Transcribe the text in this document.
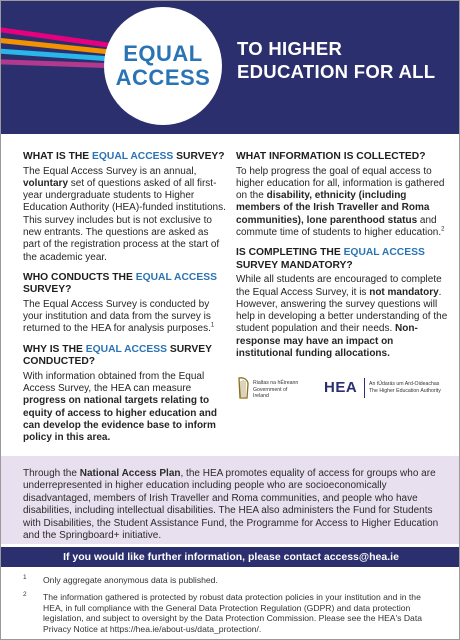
EQUAL
ACCESS
TO HIGHER
EDUCATION FOR ALL
WHAT IS THE EQUAL ACCESS SURVEY?
The Equal Access Survey is an annual, voluntary set of questions asked of all first-year undergraduate students to Higher Education Authority (HEA)-funded institutions. This survey includes but is not exclusive to new entrants. The questions are asked as part of the registration process at the start of the academic year.
WHO CONDUCTS THE EQUAL ACCESS SURVEY?
The Equal Access Survey is conducted by your institution and data from the survey is returned to the HEA for analysis purposes.$^1$
WHY IS THE EQUAL ACCESS SURVEY CONDUCTED?
With information obtained from the Equal Access Survey, the HEA can measure progress on national targets relating to equity of access to higher education and can develop the evidence base to inform policy in this area.
WHAT INFORMATION IS COLLECTED?
To help progress the goal of equal access to higher education for all, information is gathered on the disability, ethnicity (including members of the Irish Traveller and Roma communities), lone parenthood status and commute time of students to higher education.$^2$
IS COMPLETING THE EQUAL ACCESS SURVEY MANDATORY?
While all students are encouraged to complete the Equal Access Survey, it is not mandatory. However, answering the survey questions will help in developing a better understanding of the student population and their needs. Non-response may have an impact on institutional funding allocations.
Rialtas na hÉireann
Government of Ireland	HEA An tÚdarás um Ard-Oideachas
The Higher Education Authority
Through the National Access Plan, the HEA promotes equality of access for groups who are underrepresented in higher education including people who are socioeconomically disadvantaged, members of Irish Traveller and Roma communities, and people who have disabilities, including intellectual disabilities. The HEA also administers the Fund for Students with Disabilities, the Student Assistance Fund, the Programme for Access to Higher Education and the Springboard+ initiative.
If you would like further information, please contact access@hea.ie
1 Only aggregate anonymous data is published.
2 The information gathered is protected by robust data protection policies in your institution and in the HEA, in full compliance with the General Data Protection Regulation (GDPR) and data protection legislation, and subject to oversight by the Data Protection Commission. Please see the HEA's Data Privacy Notice at https://hea.ie/about-us/data_protection/.
